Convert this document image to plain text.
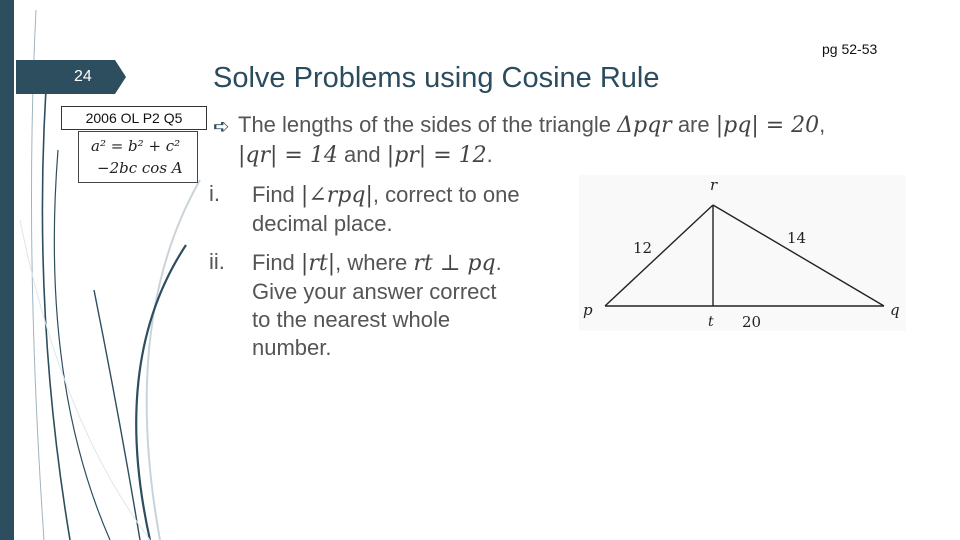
24
pg 52-53
Solve Problems using Cosine Rule
2006 OL P2 Q5
a² = b² + c²
−2bc cos A
➪ The lengths of the sides of the triangle Δpqr are |pq| = 20,
|qr| = 14 and |pr| = 12.
i. Find |∠rpq|, correct to one
decimal place.
ii. Find |rt|, where rt ⊥ pq.
Give your answer correct
to the nearest whole
number.
p	q
r
t
12
14
20
